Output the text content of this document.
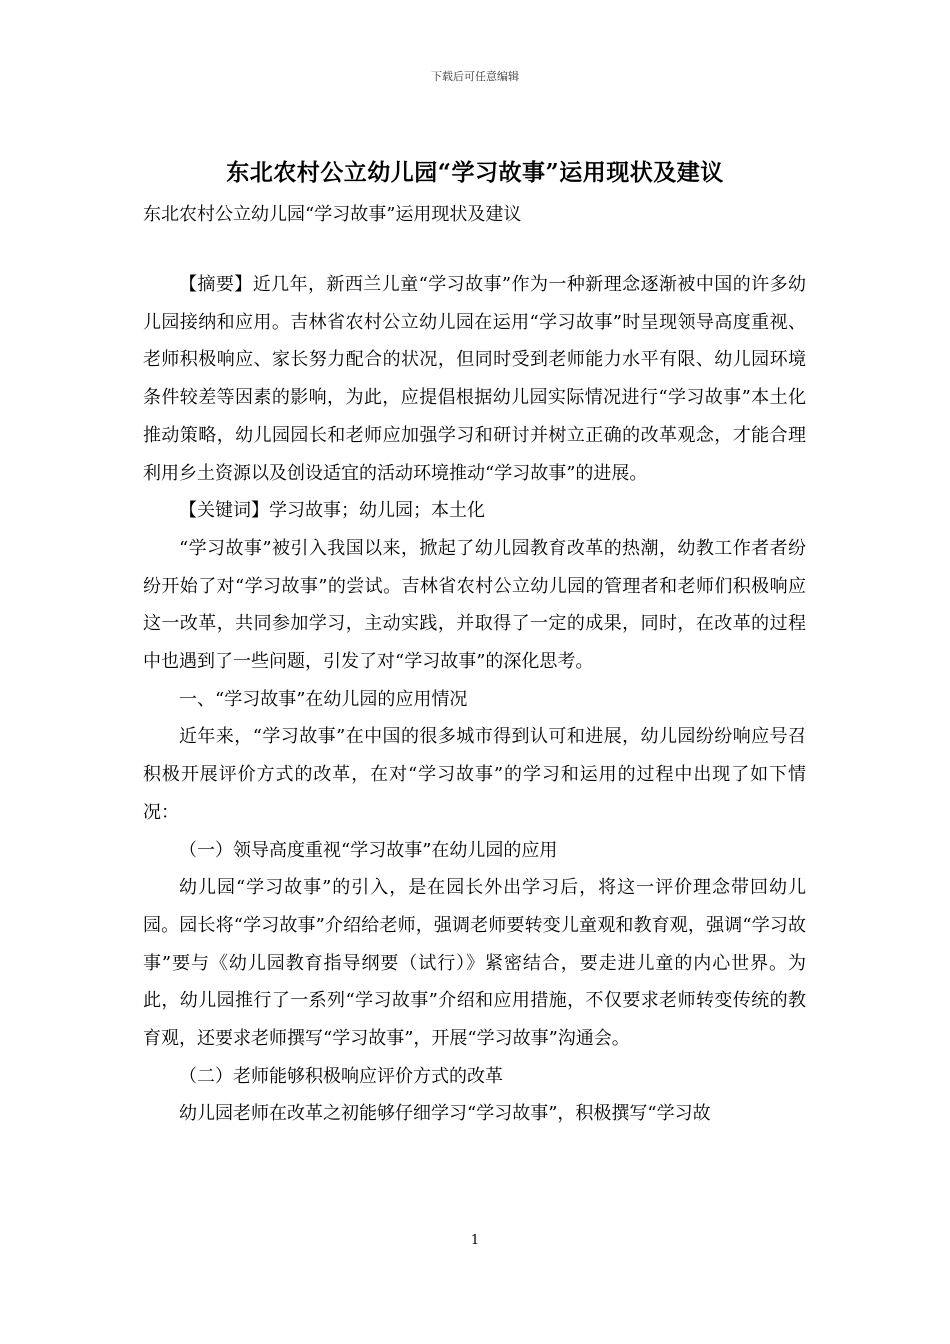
下载后可任意编辑
东北农村公立幼儿园“学习故事”运用现状及建议
东北农村公立幼儿园“学习故事”运用现状及建议

【摘要】近几年，新西兰儿童“学习故事”作为一种新理念逐渐被中国的许多幼儿园接纳和应用。吉林省农村公立幼儿园在运用“学习故事”时呈现领导高度重视、老师积极响应、家长努力配合的状况，但同时受到老师能力水平有限、幼儿园环境条件较差等因素的影响，为此，应提倡根据幼儿园实际情况进行“学习故事”本土化推动策略，幼儿园园长和老师应加强学习和研讨并树立正确的改革观念，才能合理利用乡土资源以及创设适宜的活动环境推动“学习故事”的进展。

【关键词】学习故事；幼儿园；本土化

“学习故事”被引入我国以来，掀起了幼儿园教育改革的热潮，幼教工作者者纷纷开始了对“学习故事”的尝试。吉林省农村公立幼儿园的管理者和老师们积极响应这一改革，共同参加学习，主动实践，并取得了一定的成果，同时，在改革的过程中也遇到了一些问题，引发了对“学习故事”的深化思考。

一、“学习故事”在幼儿园的应用情况

近年来，“学习故事”在中国的很多城市得到认可和进展，幼儿园纷纷响应号召积极开展评价方式的改革，在对“学习故事”的学习和运用的过程中出现了如下情况：

（一）领导高度重视“学习故事”在幼儿园的应用

幼儿园“学习故事”的引入，是在园长外出学习后，将这一评价理念带回幼儿园。园长将“学习故事”介绍给老师，强调老师要转变儿童观和教育观，强调“学习故事”要与《幼儿园教育指导纲要（试行）》紧密结合，要走进儿童的内心世界。为此，幼儿园推行了一系列“学习故事”介绍和应用措施，不仅要求老师转变传统的教育观，还要求老师撰写“学习故事”，开展“学习故事”沟通会。

（二）老师能够积极响应评价方式的改革

幼儿园老师在改革之初能够仔细学习“学习故事”，积极撰写“学习故

1
